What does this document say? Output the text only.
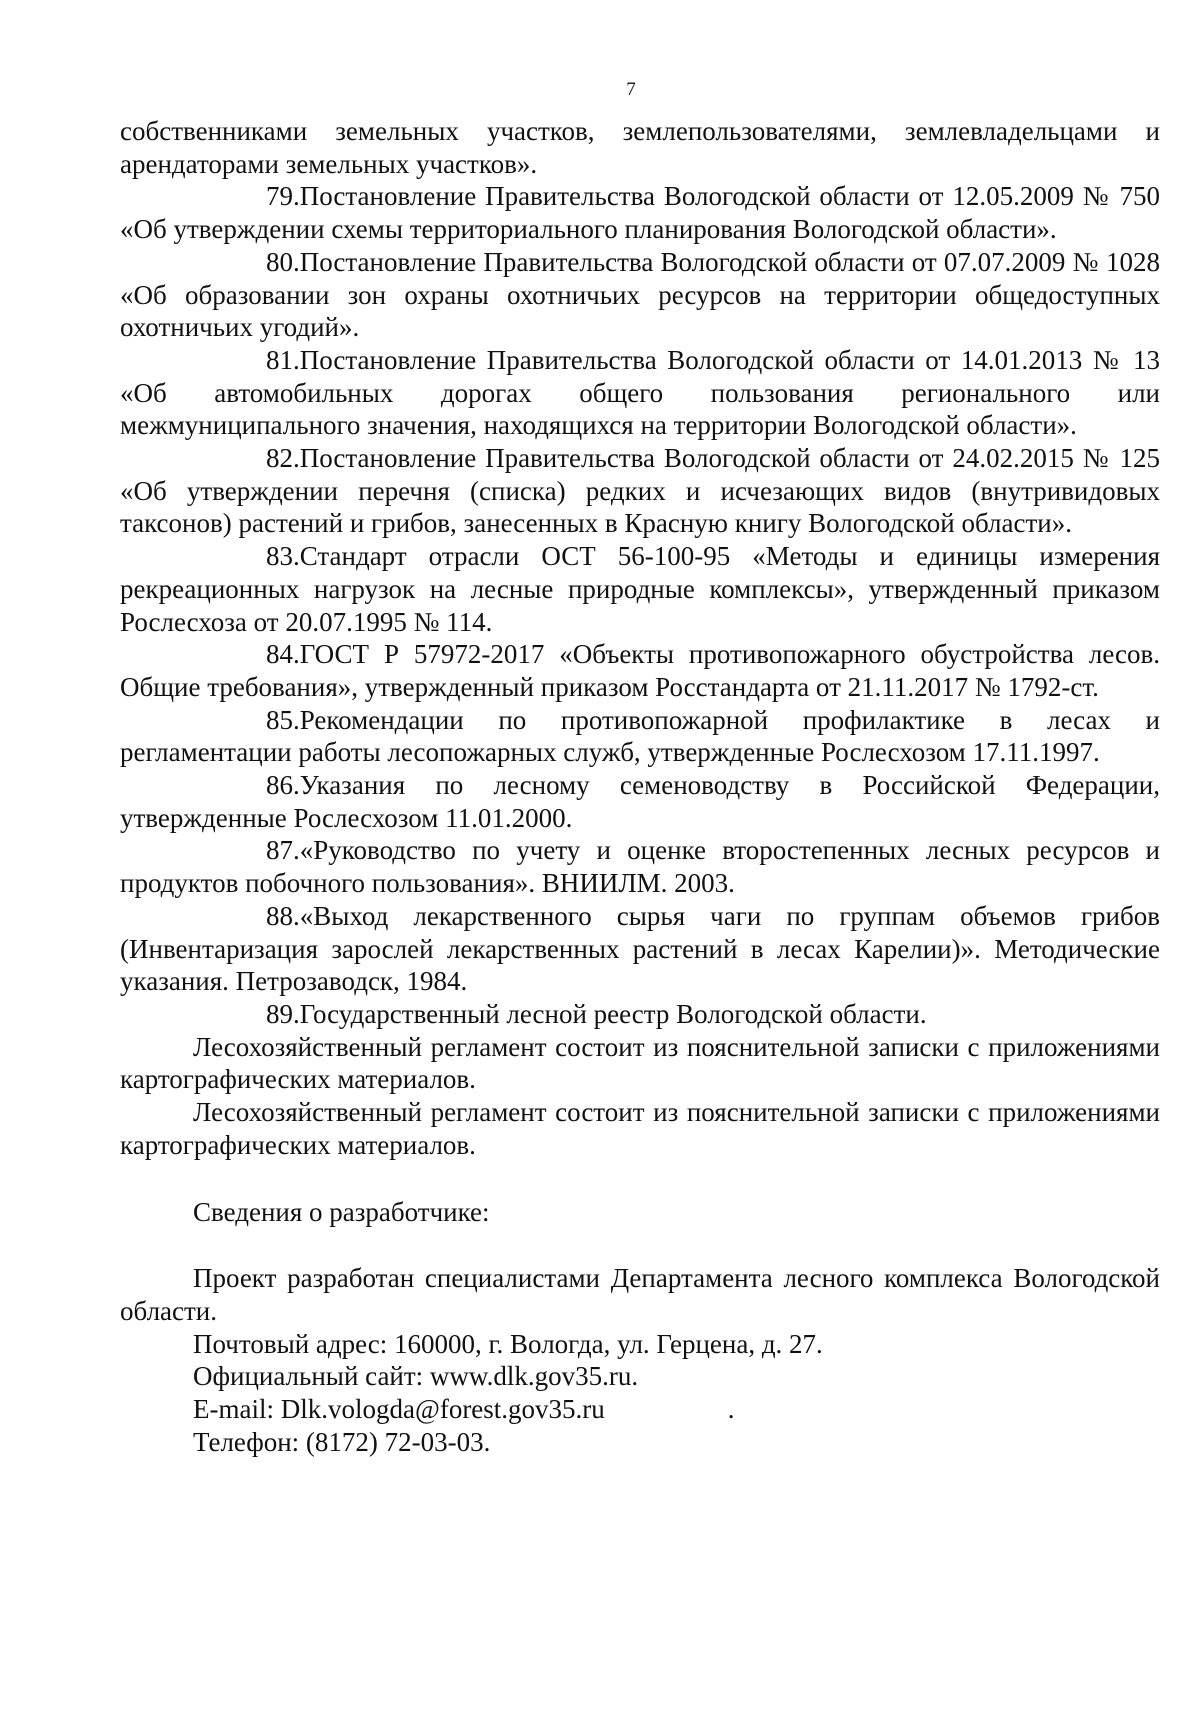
7

собственниками земельных участков, землепользователями, землевладельцами и арендаторами земельных участков».

79.Постановление Правительства Вологодской области от 12.05.2009 № 750 «Об утверждении схемы территориального планирования Вологодской области».

80.Постановление Правительства Вологодской области от 07.07.2009 № 1028 «Об образовании зон охраны охотничьих ресурсов на территории общедоступных охотничьих угодий».

81.Постановление Правительства Вологодской области от 14.01.2013 № 13 «Об автомобильных дорогах общего пользования регионального или межмуниципального значения, находящихся на территории Вологодской области».

82.Постановление Правительства Вологодской области от 24.02.2015 № 125 «Об утверждении перечня (списка) редких и исчезающих видов (внутривидовых таксонов) растений и грибов, занесенных в Красную книгу Вологодской области».

83.Стандарт отрасли ОСТ 56-100-95 «Методы и единицы измерения рекреационных нагрузок на лесные природные комплексы», утвержденный приказом Рослесхоза от 20.07.1995 № 114.

84.ГОСТ Р 57972-2017 «Объекты противопожарного обустройства лесов. Общие требования», утвержденный приказом Росстандарта от 21.11.2017 № 1792-ст.

85.Рекомендации по противопожарной профилактике в лесах и регламентации работы лесопожарных служб, утвержденные Рослесхозом 17.11.1997.

86.Указания по лесному семеноводству в Российской Федерации, утвержденные Рослесхозом 11.01.2000.

87.«Руководство по учету и оценке второстепенных лесных ресурсов и продуктов побочного пользования». ВНИИЛМ. 2003.

88.«Выход лекарственного сырья чаги по группам объемов грибов (Инвентаризация зарослей лекарственных растений в лесах Карелии)». Методические указания. Петрозаводск, 1984.

89.Государственный лесной реестр Вологодской области.

Лесохозяйственный регламент состоит из пояснительной записки с приложениями картографических материалов.

Лесохозяйственный регламент состоит из пояснительной записки с приложениями картографических материалов.

Сведения о разработчике:

Проект разработан специалистами Департамента лесного комплекса Вологодской области.

Почтовый адрес: 160000, г. Вологда, ул. Герцена, д. 27.

Официальный сайт: www.dlk.gov35.ru.

E-mail: Dlk.vologda@forest.gov35.ru	.

Телефон: (8172) 72-03-03.
